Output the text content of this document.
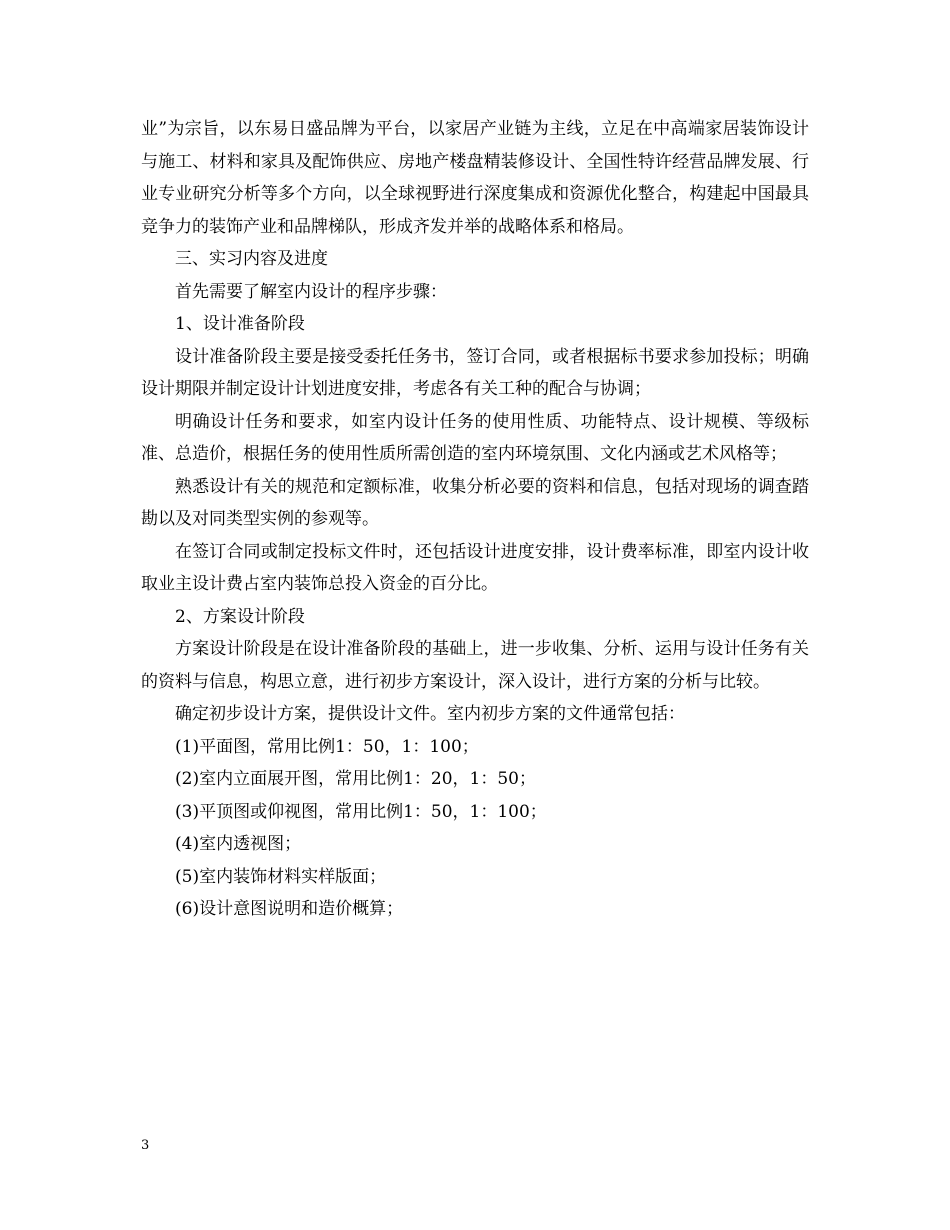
业”为宗旨，以东易日盛品牌为平台，以家居产业链为主线，立足在中高端家居装饰设计与施工、材料和家具及配饰供应、房地产楼盘精装修设计、全国性特许经营品牌发展、行业专业研究分析等多个方向，以全球视野进行深度集成和资源优化整合，构建起中国最具竞争力的装饰产业和品牌梯队，形成齐发并举的战略体系和格局。

三、实习内容及进度

首先需要了解室内设计的程序步骤：

1、设计准备阶段

设计准备阶段主要是接受委托任务书，签订合同，或者根据标书要求参加投标；明确设计期限并制定设计计划进度安排，考虑各有关工种的配合与协调；

明确设计任务和要求，如室内设计任务的使用性质、功能特点、设计规模、等级标准、总造价，根据任务的使用性质所需创造的室内环境氛围、文化内涵或艺术风格等；

熟悉设计有关的规范和定额标准，收集分析必要的资料和信息，包括对现场的调查踏勘以及对同类型实例的参观等。

在签订合同或制定投标文件时，还包括设计进度安排，设计费率标准，即室内设计收取业主设计费占室内装饰总投入资金的百分比。

2、方案设计阶段

方案设计阶段是在设计准备阶段的基础上，进一步收集、分析、运用与设计任务有关的资料与信息，构思立意，进行初步方案设计，深入设计，进行方案的分析与比较。

确定初步设计方案，提供设计文件。室内初步方案的文件通常包括：

(1)平面图，常用比例1：50，1：100；

(2)室内立面展开图，常用比例1：20，1：50；

(3)平顶图或仰视图，常用比例1：50，1：100；

(4)室内透视图；

(5)室内装饰材料实样版面；

(6)设计意图说明和造价概算；

3
